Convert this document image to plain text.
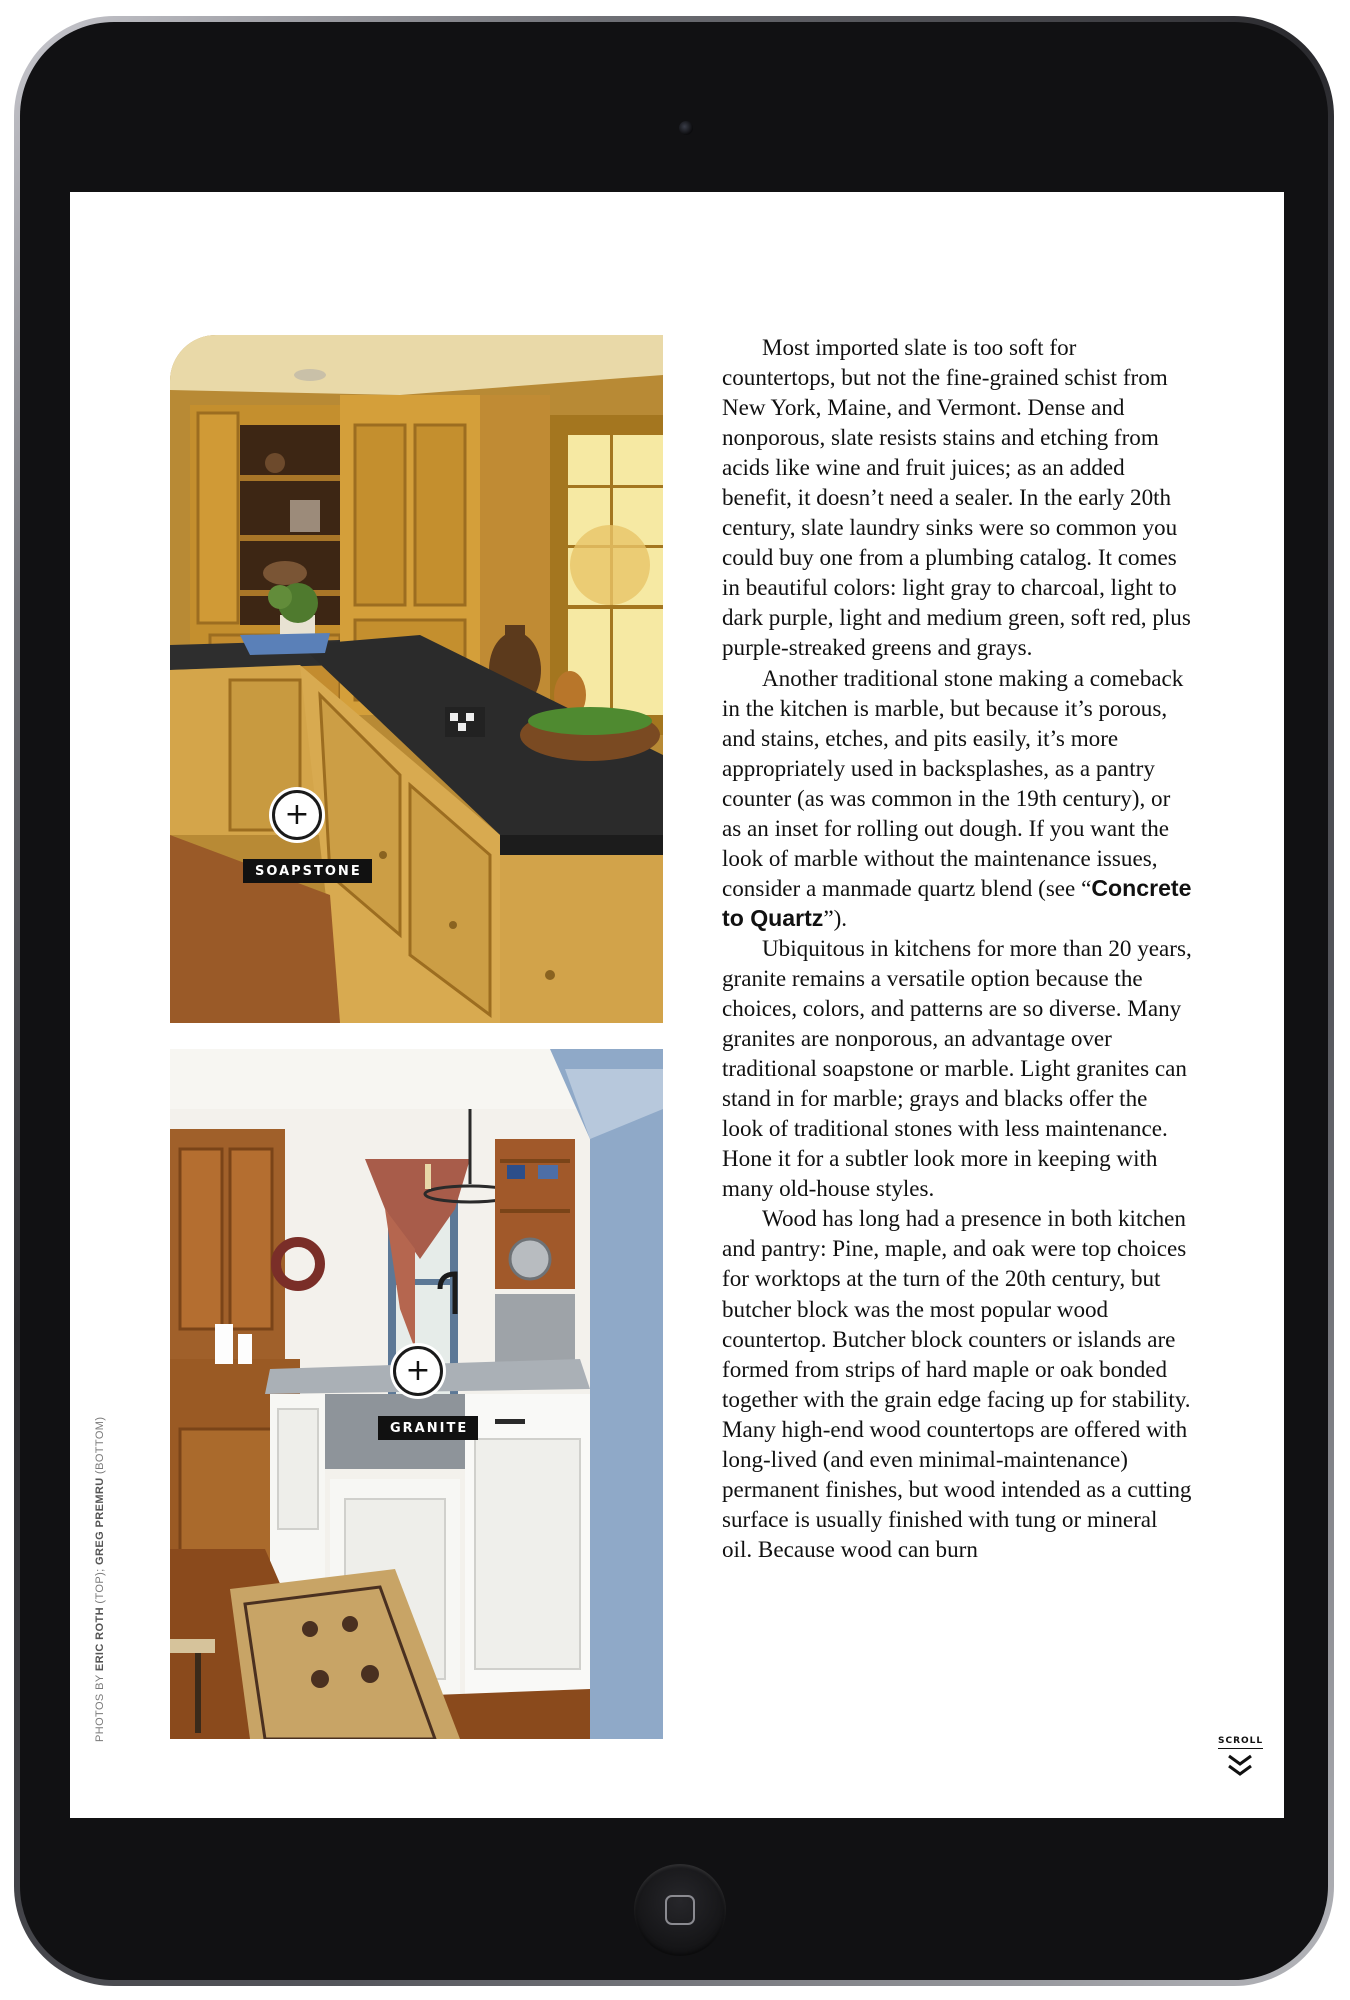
+
SOAPSTONE
+
GRANITE
PHOTOS BY ERIC ROTH (TOP); GREG PREMRU (BOTTOM)

Most imported slate is too soft for countertops, but not the fine-grained schist from New York, Maine, and Vermont. Dense and nonporous, slate resists stains and etching from acids like wine and fruit juices; as an added benefit, it doesn’t need a sealer. In the early 20th century, slate laundry sinks were so common you could buy one from a plumbing catalog. It comes in beautiful colors: light gray to charcoal, light to dark purple, light and medium green, soft red, plus purple-streaked greens and grays.

Another traditional stone making a comeback in the kitchen is marble, but because it’s porous, and stains, etches, and pits easily, it’s more appropriately used in backsplashes, as a pantry counter (as was common in the 19th century), or as an inset for rolling out dough. If you want the look of marble without the maintenance issues, consider a manmade quartz blend (see “Concrete to Quartz”).

Ubiquitous in kitchens for more than 20 years, granite remains a versatile option because the choices, colors, and patterns are so diverse. Many granites are nonporous, an advantage over traditional soapstone or marble. Light granites can stand in for marble; grays and blacks offer the look of traditional stones with less maintenance. Hone it for a subtler look more in keeping with many old-house styles.

Wood has long had a presence in both kitchen and pantry: Pine, maple, and oak were top choices for worktops at the turn of the 20th century, but butcher block was the most popular wood countertop. Butcher block counters or islands are formed from strips of hard maple or oak bonded together with the grain edge facing up for stability. Many high-end wood countertops are offered with long-lived (and even minimal-maintenance) permanent finishes, but wood intended as a cutting surface is usually finished with tung or mineral oil. Because wood can burn

SCROLL
